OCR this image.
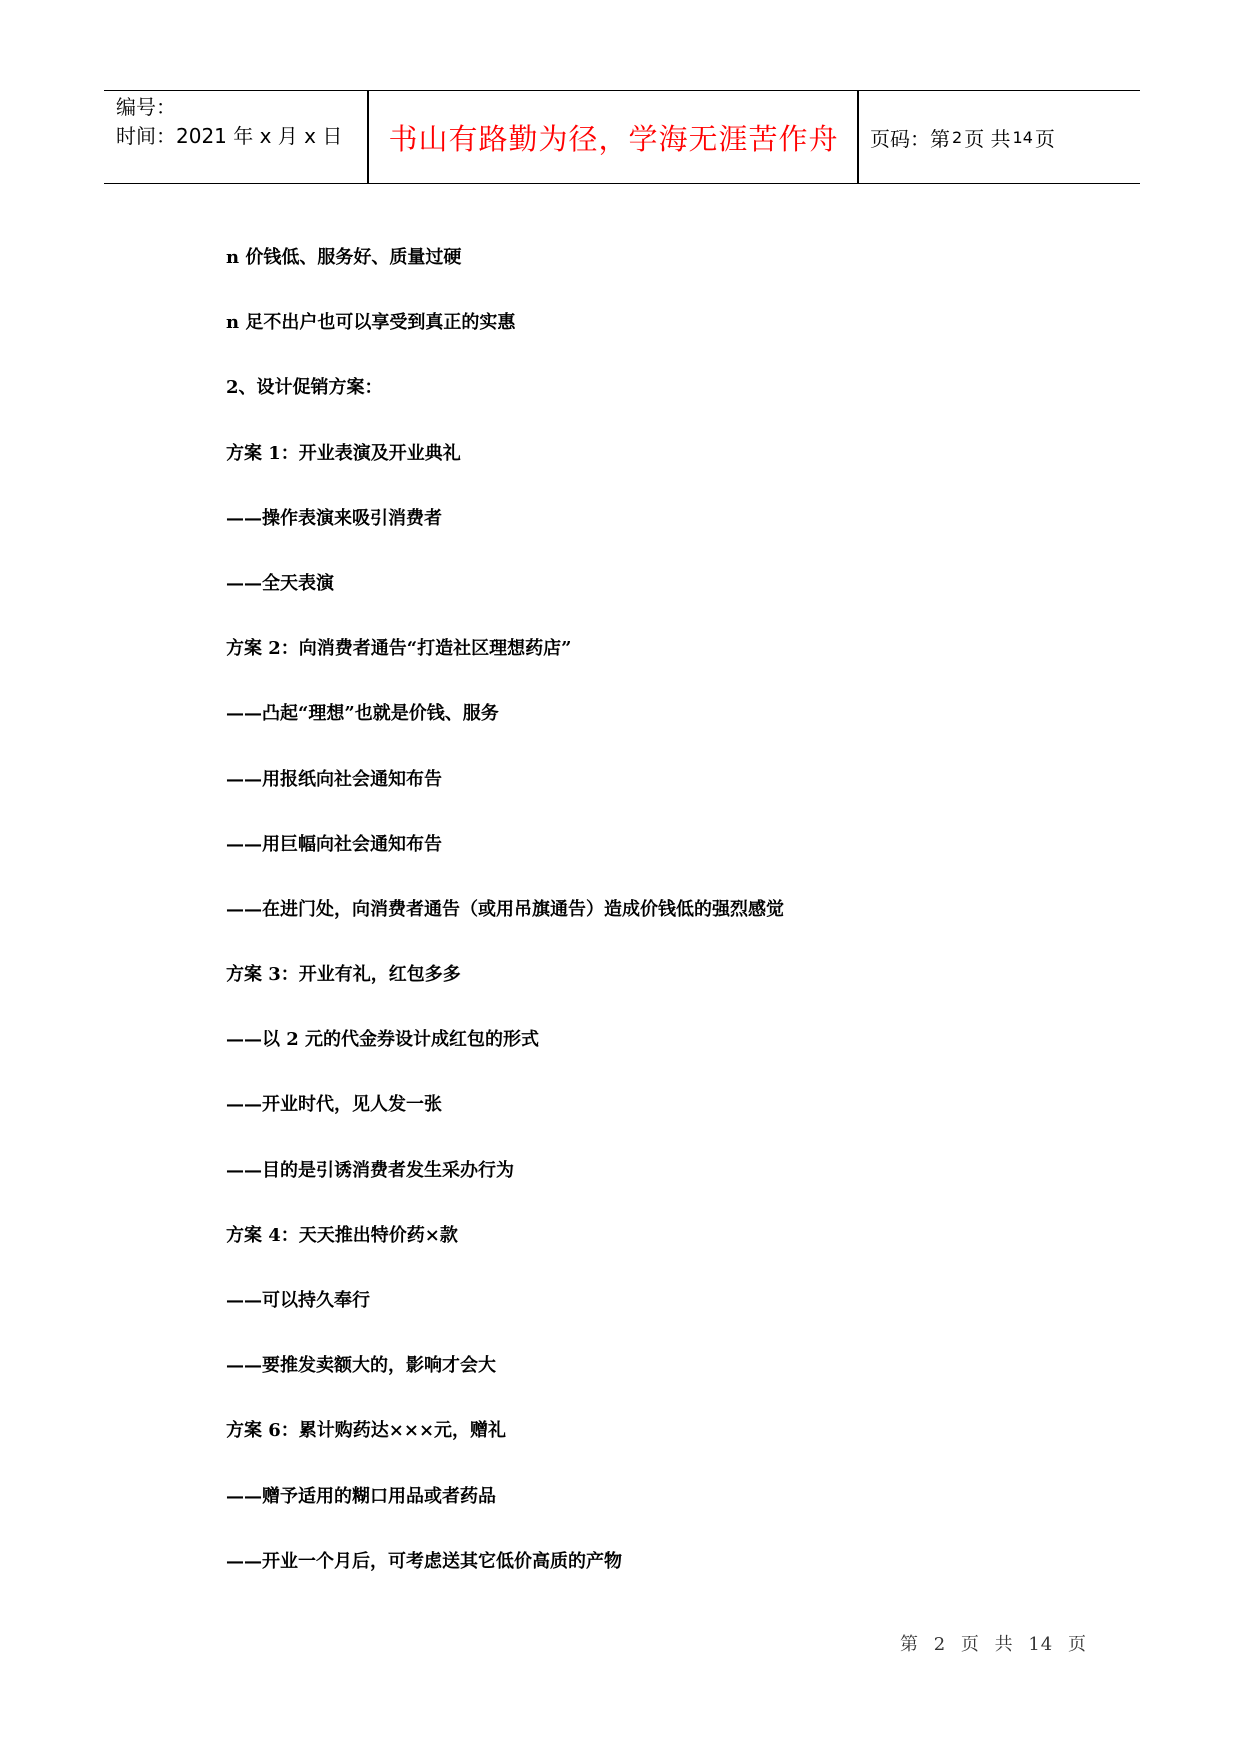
编号：
时间：2021 年 x 月 x 日	书山有路勤为径，学海无涯苦作舟	页码：第 2 页 共 14 页
n 价钱低、服务好、质量过硬
n 足不出户也可以享受到真正的实惠
2、设计促销方案：
方案 1：开业表演及开业典礼
——操作表演来吸引消费者
——全天表演
方案 2：向消费者通告“打造社区理想药店”
——凸起“理想”也就是价钱、服务
——用报纸向社会通知布告
——用巨幅向社会通知布告
——在进门处，向消费者通告（或用吊旗通告）造成价钱低的强烈感觉
方案 3：开业有礼，红包多多
——以 2 元的代金券设计成红包的形式
——开业时代，见人发一张
——目的是引诱消费者发生采办行为
方案 4：天天推出特价药×款
——可以持久奉行
——要推发卖额大的，影响才会大
方案 6：累计购药达×××元，赠礼
——赠予适用的糊口用品或者药品
——开业一个月后，可考虑送其它低价高质的产物
第 2 页 共 14 页
